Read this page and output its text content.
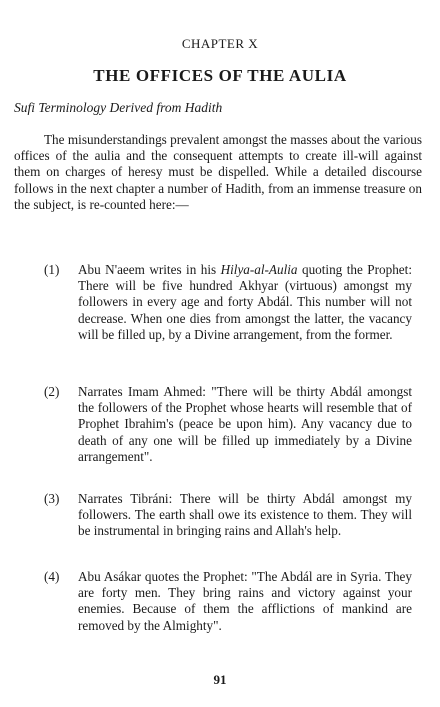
CHAPTER X
THE OFFICES OF THE AULIA
Sufi Terminology Derived from Hadith

The misunderstandings prevalent amongst the masses about the various offices of the aulia and the consequent attempts to create ill-will against them on charges of heresy must be dispelled. While a detailed discourse follows in the next chapter a number of Hadith, from an immense treasure on the subject, is re-counted here:—

(1) Abu N'aeem writes in his Hilya-al-Aulia quoting the Prophet: There will be five hundred Akhyar (virtuous) amongst my followers in every age and forty Abdál. This number will not decrease. When one dies from amongst the latter, the vacancy will be filled up, by a Divine arrangement, from the former.
(2) Narrates Imam Ahmed: "There will be thirty Abdál amongst the followers of the Prophet whose hearts will resemble that of Prophet Ibrahim's (peace be upon him). Any vacancy due to death of any one will be filled up immediately by a Divine arrangement".
(3) Narrates Tibráni: There will be thirty Abdál amongst my followers. The earth shall owe its existence to them. They will be instrumental in bringing rains and Allah's help.
(4) Abu Asákar quotes the Prophet: "The Abdál are in Syria. They are forty men. They bring rains and victory against your enemies. Because of them the afflictions of mankind are removed by the Almighty".
91
